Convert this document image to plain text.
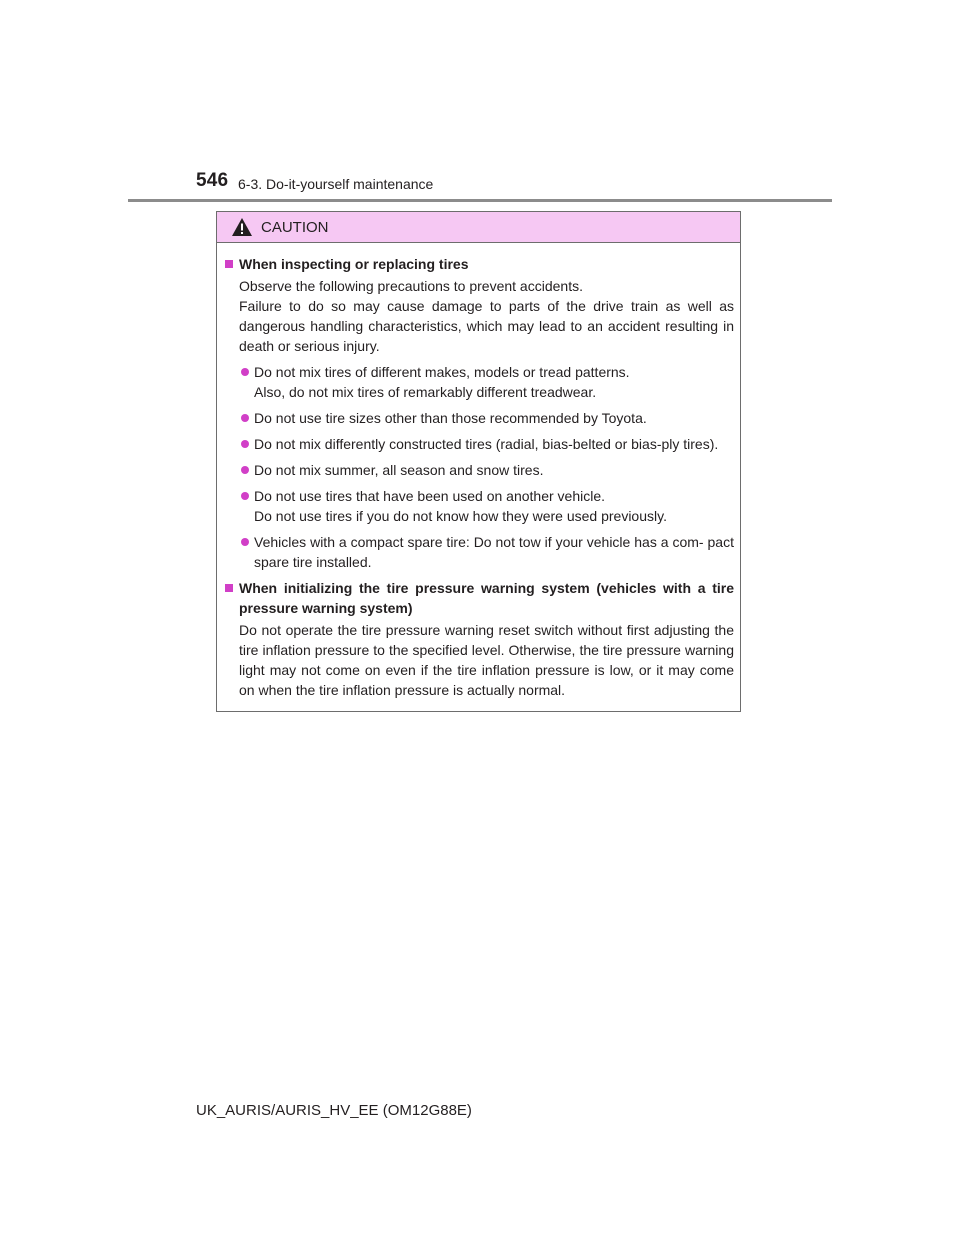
546 6-3. Do-it-yourself maintenance
CAUTION
When inspecting or replacing tires
Observe the following precautions to prevent accidents.
Failure to do so may cause damage to parts of the drive train as well as dangerous handling characteristics, which may lead to an accident resulting in death or serious injury.
Do not mix tires of different makes, models or tread patterns.
Also, do not mix tires of remarkably different treadwear.
Do not use tire sizes other than those recommended by Toyota.
Do not mix differently constructed tires (radial, bias-belted or bias-ply tires).
Do not mix summer, all season and snow tires.
Do not use tires that have been used on another vehicle.
Do not use tires if you do not know how they were used previously.
Vehicles with a compact spare tire: Do not tow if your vehicle has a com- pact spare tire installed.
When initializing the tire pressure warning system (vehicles with a tire pressure warning system)
Do not operate the tire pressure warning reset switch without first adjusting the tire inflation pressure to the specified level. Otherwise, the tire pressure warning light may not come on even if the tire inflation pressure is low, or it may come on when the tire inflation pressure is actually normal.
UK_AURIS/AURIS_HV_EE (OM12G88E)
